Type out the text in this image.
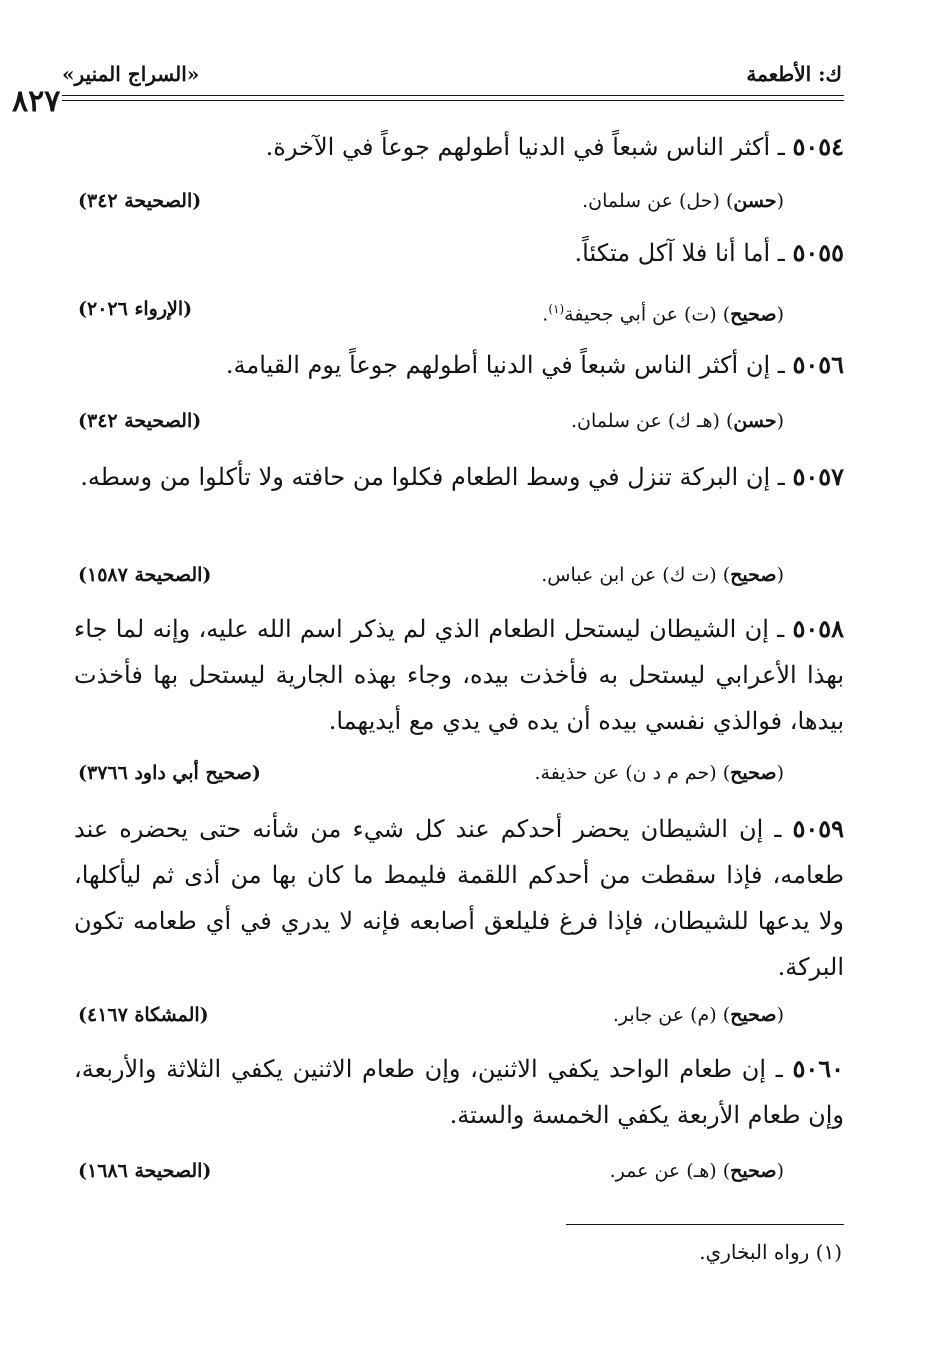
٨٢٧
«السراج المنير»	ك: الأطعمة
٥٠٥٤ ـ أكثر الناس شبعاً في الدنيا أطولهم جوعاً في الآخرة.
(حسن) (حل) عن سلمان.
(الصحيحة ٣٤٢)
٥٠٥٥ ـ أما أنا فلا آكل متكئاً.
(صحيح) (ت) عن أبي جحيفة$^{(١)}$.
(الإرواء ٢٠٢٦)
٥٠٥٦ ـ إن أكثر الناس شبعاً في الدنيا أطولهم جوعاً يوم القيامة.
(حسن) (هـ ك) عن سلمان.
(الصحيحة ٣٤٢)
٥٠٥٧ ـ إن البركة تنزل في وسط الطعام فكلوا من حافته ولا تأكلوا من وسطه.
(صحيح) (ت ك) عن ابن عباس.
(الصحيحة ١٥٨٧)
٥٠٥٨ ـ إن الشيطان ليستحل الطعام الذي لم يذكر اسم الله عليه، وإنه لما جاء بهذا الأعرابي ليستحل به فأخذت بيده، وجاء بهذه الجارية ليستحل بها فأخذت بيدها، فوالذي نفسي بيده أن يده في يدي مع أيديهما.
(صحيح) (حم م د ن) عن حذيفة.
(صحيح أبي داود ٣٧٦٦)
٥٠٥٩ ـ إن الشيطان يحضر أحدكم عند كل شيء من شأنه حتى يحضره عند طعامه، فإذا سقطت من أحدكم اللقمة فليمط ما كان بها من أذى ثم ليأكلها، ولا يدعها للشيطان، فإذا فرغ فليلعق أصابعه فإنه لا يدري في أي طعامه تكون البركة.
(صحيح) (م) عن جابر.
(المشكاة ٤١٦٧)
٥٠٦٠ ـ إن طعام الواحد يكفي الاثنين، وإن طعام الاثنين يكفي الثلاثة والأربعة، وإن طعام الأربعة يكفي الخمسة والستة.
(صحيح) (هـ) عن عمر.
(الصحيحة ١٦٨٦)
(١) رواه البخاري.
